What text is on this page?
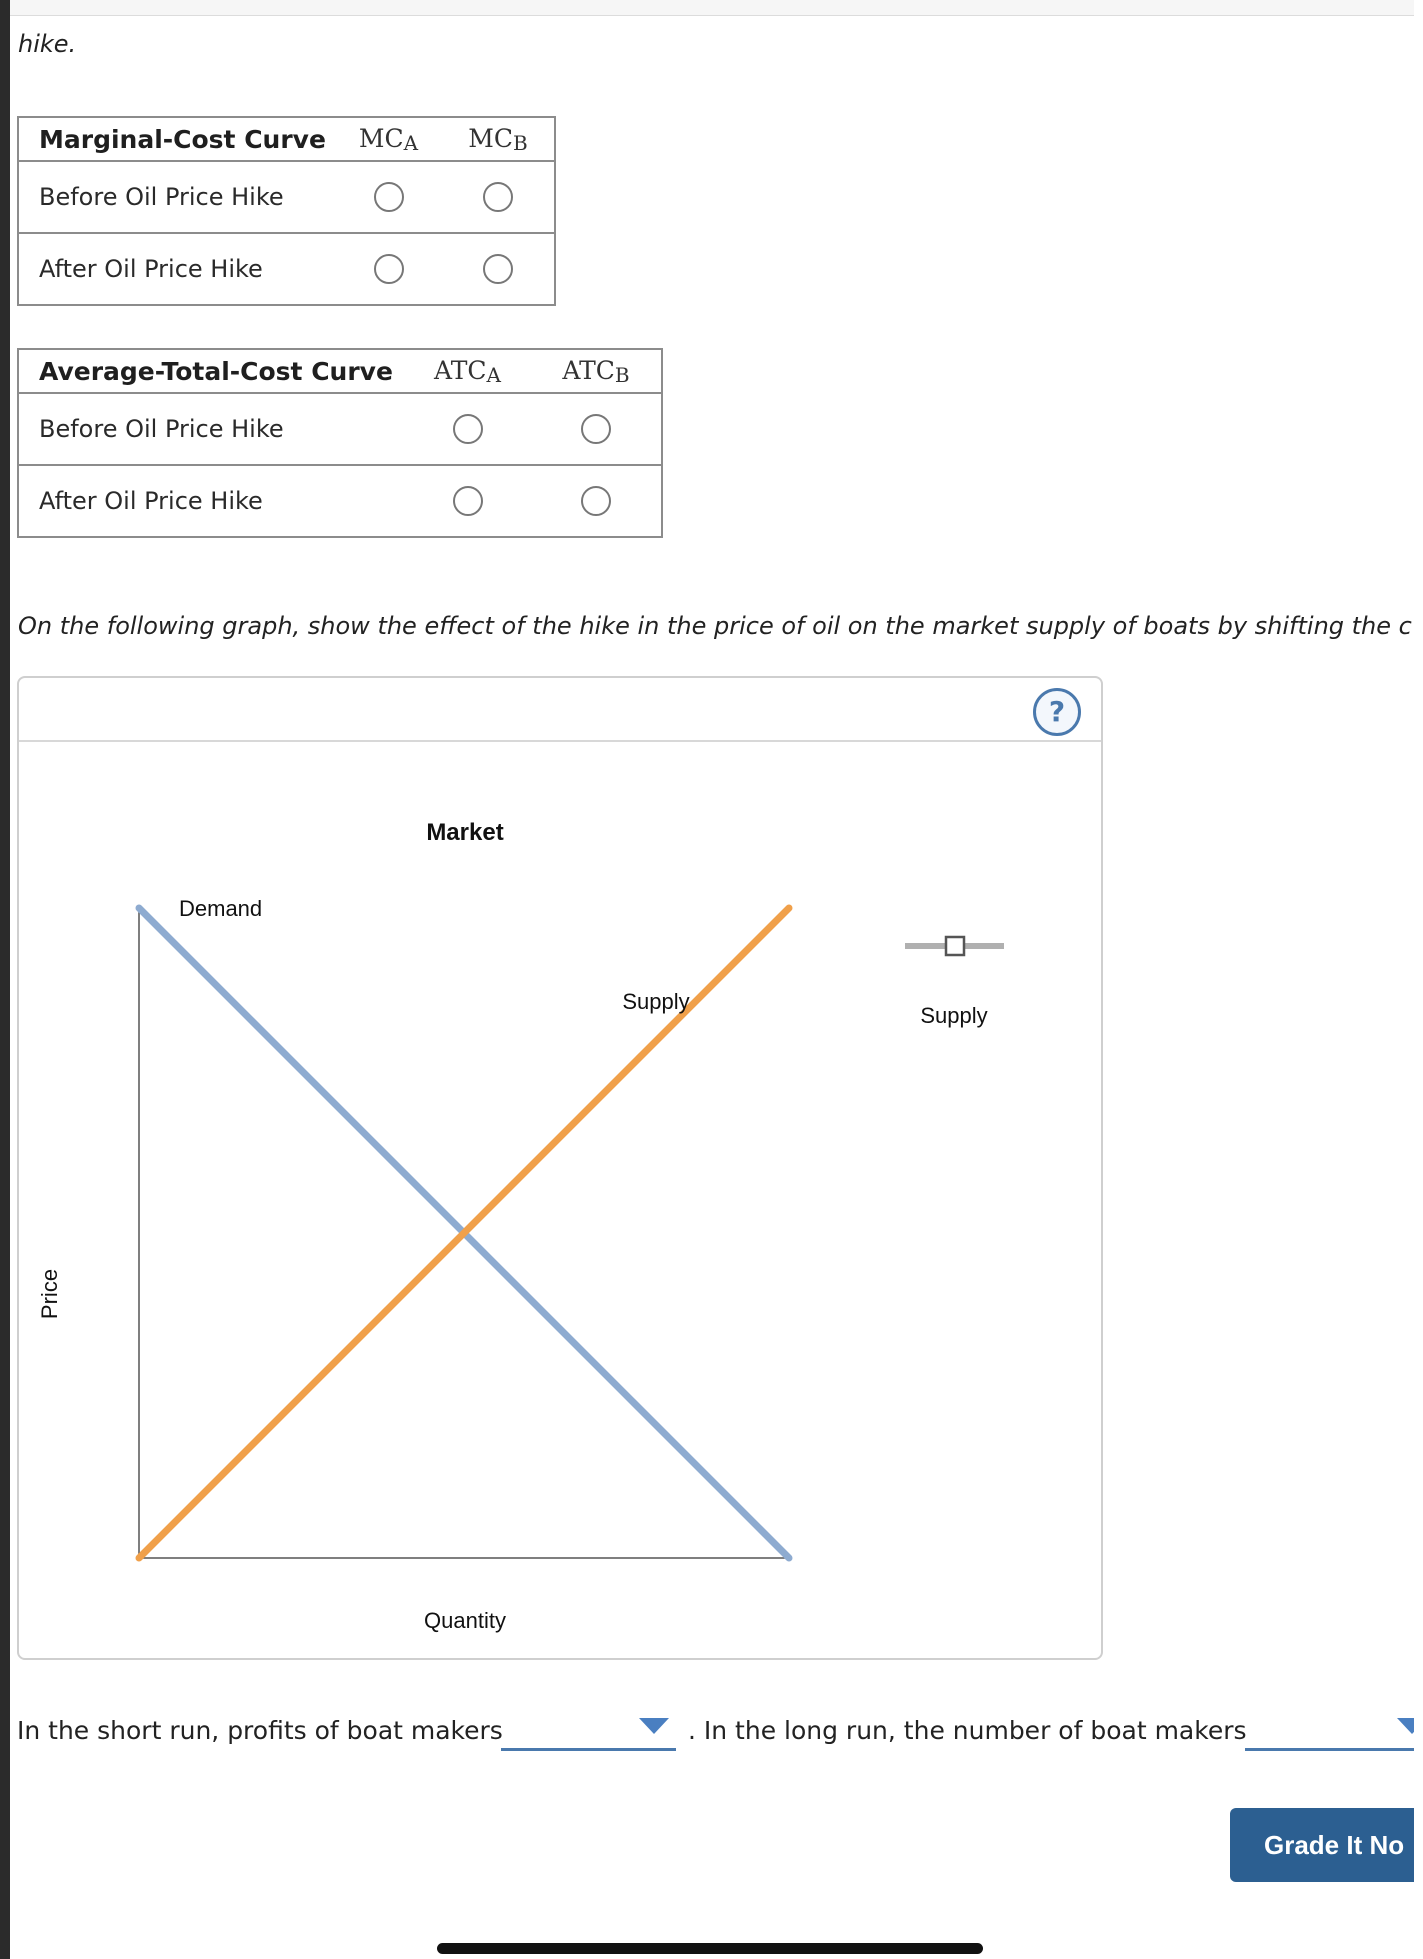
hike.
Marginal-Cost Curve	$MC_A$	$MC_B$
Before Oil Price Hike		
After Oil Price Hike		
Average-Total-Cost Curve	$ATC_A$	$ATC_B$
Before Oil Price Hike		
After Oil Price Hike		
On the following graph, show the effect of the hike in the price of oil on the market supply of boats by shifting the c
?
Market
Price
Quantity
Demand
Supply
Supply
In the short run, profits of boat makers	. In the long run, the number of boat makers
Grade It No
